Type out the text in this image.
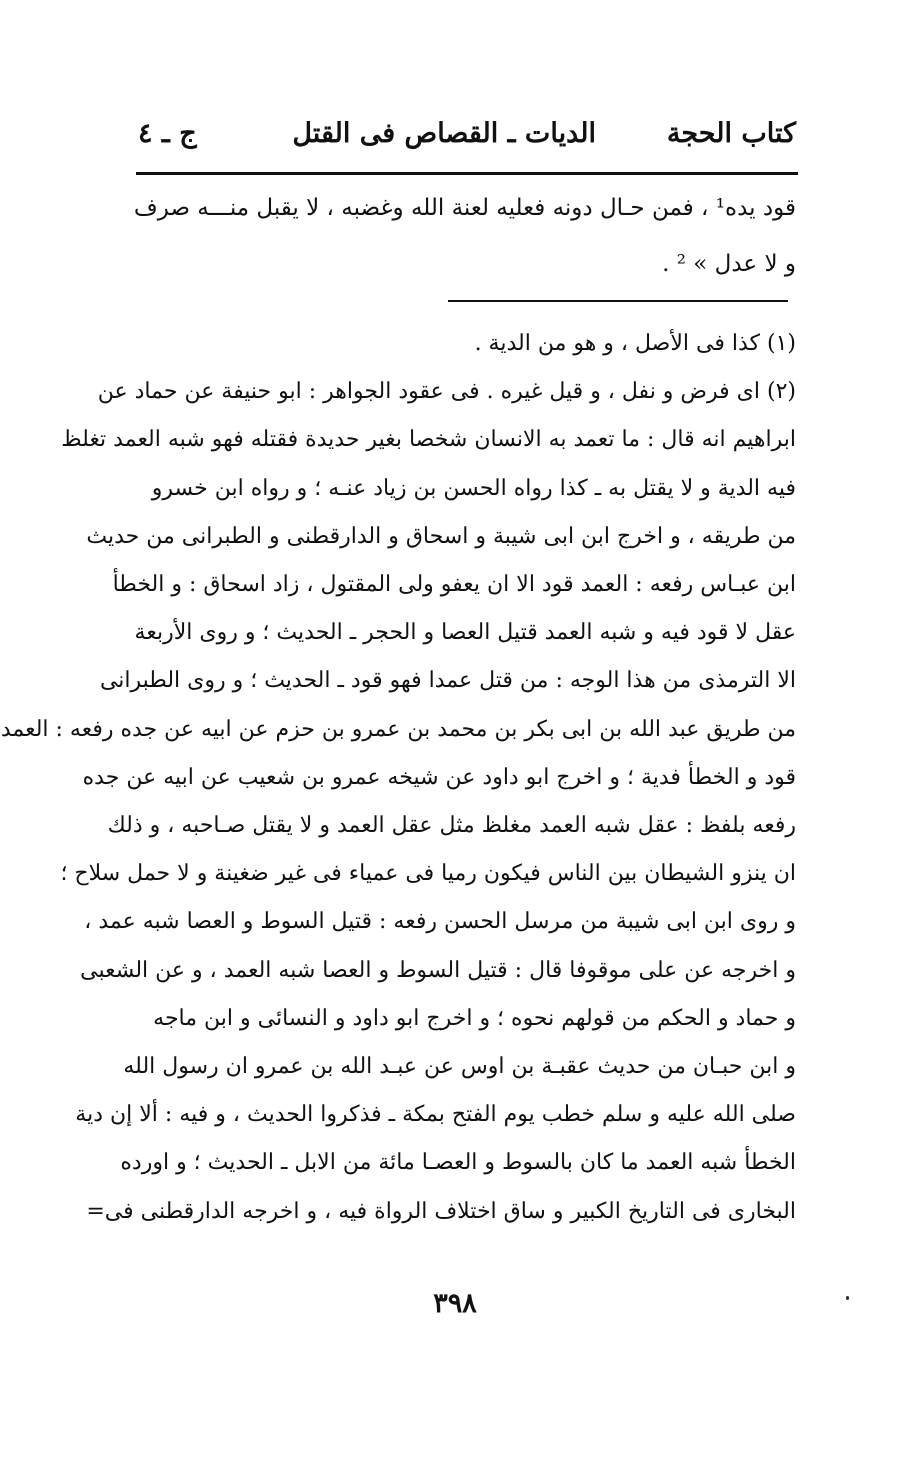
كتاب الحجة
الديات ـ القصاص فى القتل
ج ـ ٤
قود يده¹ ، فمن حـال دونه فعليه لعنة الله وغضبه ، لا يقبل منـــه صرف
و لا عدل » ² .
(١) كذا فى الأصل ، و هو من الدية .
(٢) اى فرض و نفل ، و قيل غيره . فى عقود الجواهر : ابو حنيفة عن حماد عن
ابراهيم انه قال : ما تعمد به الانسان شخصا بغير حديدة فقتله فهو شبه العمد تغلظ
فيه الدية و لا يقتل به ـ كذا رواه الحسن بن زياد عنـه ؛ و رواه ابن خسرو
من طريقه ، و اخرج ابن ابى شيبة و اسحاق و الدارقطنى و الطبرانى من حديث
ابن عبـاس رفعه : العمد قود الا ان يعفو ولى المقتول ، زاد اسحاق : و الخطأ
عقل لا قود فيه و شبه العمد قتيل العصا و الحجر ـ الحديث ؛ و روى الأربعة
الا الترمذى من هذا الوجه : من قتل عمدا فهو قود ـ الحديث ؛ و روى الطبرانى
من طريق عبد الله بن ابى بكر بن محمد بن عمرو بن حزم عن ابيه عن جده رفعه : العمد
قود و الخطأ فدية ؛ و اخرج ابو داود عن شيخه عمرو بن شعيب عن ابيه عن جده
رفعه بلفظ : عقل شبه العمد مغلظ مثل عقل العمد و لا يقتل صـاحبه ، و ذلك
ان ينزو الشيطان بين الناس فيكون رميا فى عمياء فى غير ضغينة و لا حمل سلاح ؛
و روى ابن ابى شيبة من مرسل الحسن رفعه : قتيل السوط و العصا شبه عمد ،
و اخرجه عن على موقوفا قال : قتيل السوط و العصا شبه العمد ، و عن الشعبى
و حماد و الحكم من قولهم نحوه ؛ و اخرج ابو داود و النسائى و ابن ماجه
و ابن حبـان من حديث عقبـة بن اوس عن عبـد الله بن عمرو ان رسول الله
صلى الله عليه و سلم خطب يوم الفتح بمكة ـ فذكروا الحديث ، و فيه : ألا إن دية
الخطأ شبه العمد ما كان بالسوط و العصـا مائة من الابل ـ الحديث ؛ و اورده
البخارى فى التاريخ الكبير و ساق اختلاف الرواة فيه ، و اخرجه الدارقطنى فى=
٣٩٨
